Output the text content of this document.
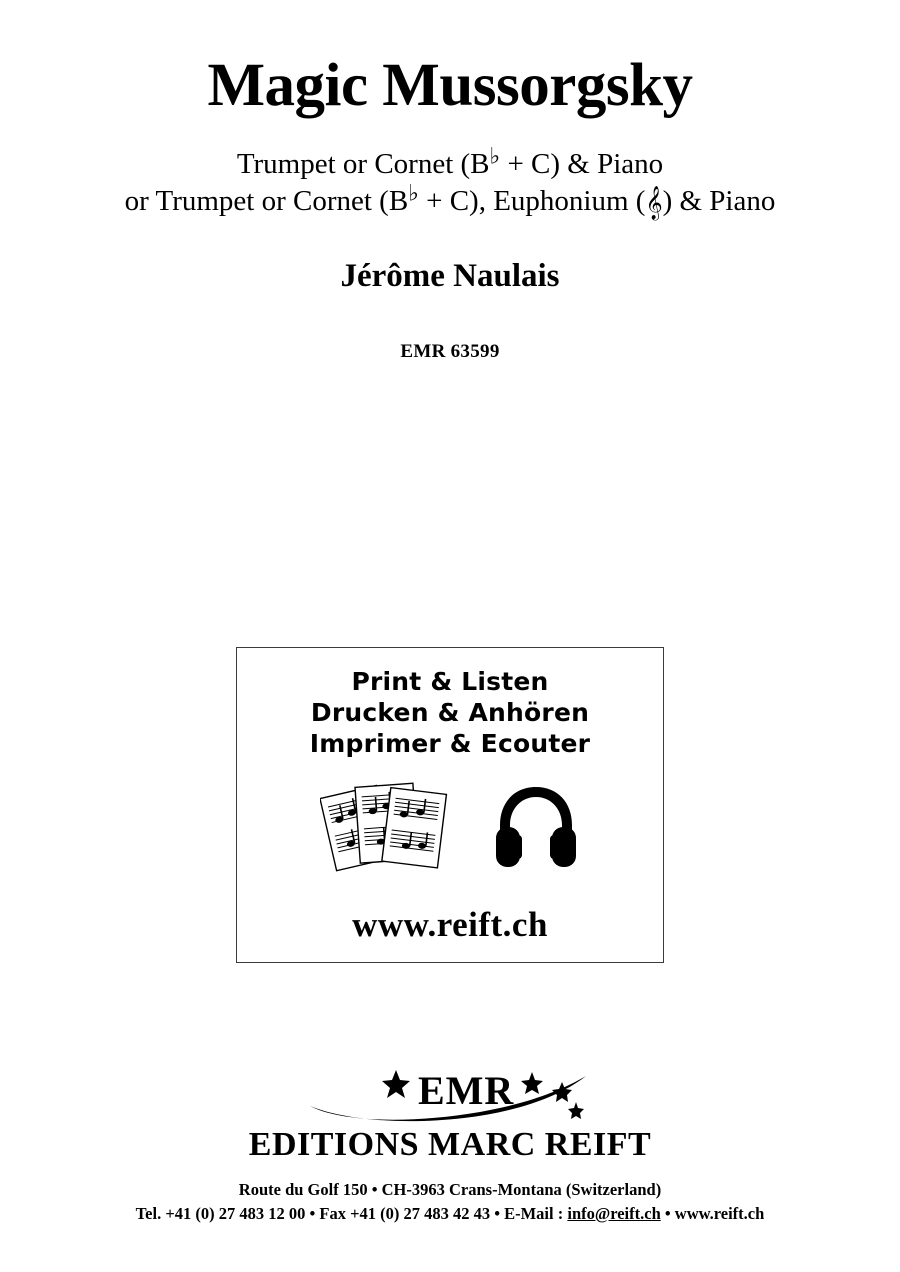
Magic Mussorgsky
Trumpet or Cornet (B♭ + C) & Piano
or Trumpet or Cornet (B♭ + C), Euphonium (𝄞) & Piano
Jérôme Naulais
EMR 63599
Print & Listen
Drucken & Anhören
Imprimer & Ecouter
www.reift.ch
EMR
EDITIONS MARC REIFT
Route du Golf 150 • CH-3963 Crans-Montana (Switzerland)
Tel. +41 (0) 27 483 12 00 • Fax +41 (0) 27 483 42 43 • E-Mail : info@reift.ch • www.reift.ch
